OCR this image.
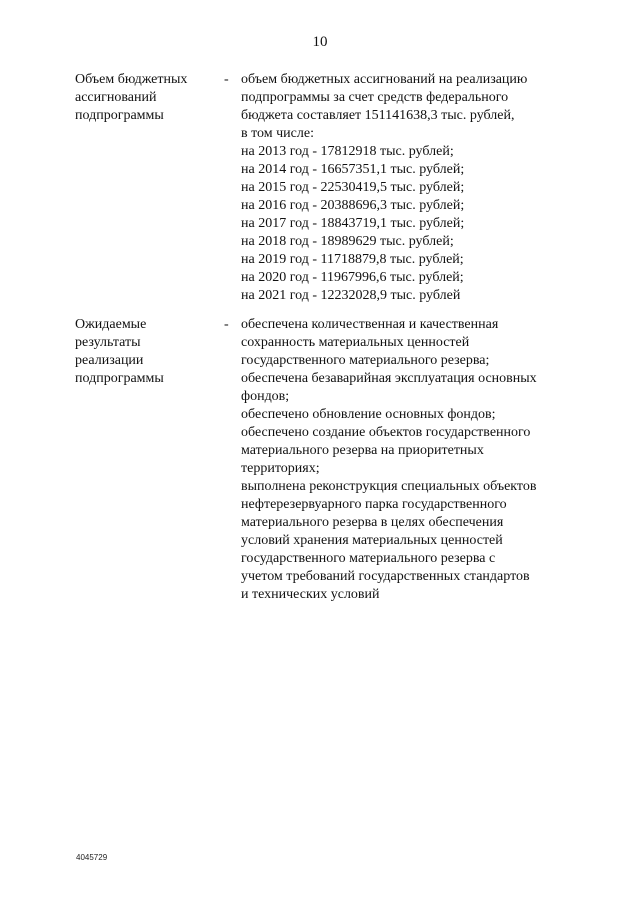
10
Объем бюджетных
ассигнований
подпрограммы
- объем бюджетных ассигнований на реализацию
подпрограммы за счет средств федерального
бюджета составляет 151141638,3 тыс. рублей,
в том числе:
на 2013 год - 17812918 тыс. рублей;
на 2014 год - 16657351,1 тыс. рублей;
на 2015 год - 22530419,5 тыс. рублей;
на 2016 год - 20388696,3 тыс. рублей;
на 2017 год - 18843719,1 тыс. рублей;
на 2018 год - 18989629 тыс. рублей;
на 2019 год - 11718879,8 тыс. рублей;
на 2020 год - 11967996,6 тыс. рублей;
на 2021 год - 12232028,9 тыс. рублей
Ожидаемые
результаты
реализации
подпрограммы
- обеспечена количественная и качественная
сохранность материальных ценностей
государственного материального резерва;
обеспечена безаварийная эксплуатация основных
фондов;
обеспечено обновление основных фондов;
обеспечено создание объектов государственного
материального резерва на приоритетных
территориях;
выполнена реконструкция специальных объектов
нефтерезервуарного парка государственного
материального резерва в целях обеспечения
условий хранения материальных ценностей
государственного материального резерва с
учетом требований государственных стандартов
и технических условий
4045729
